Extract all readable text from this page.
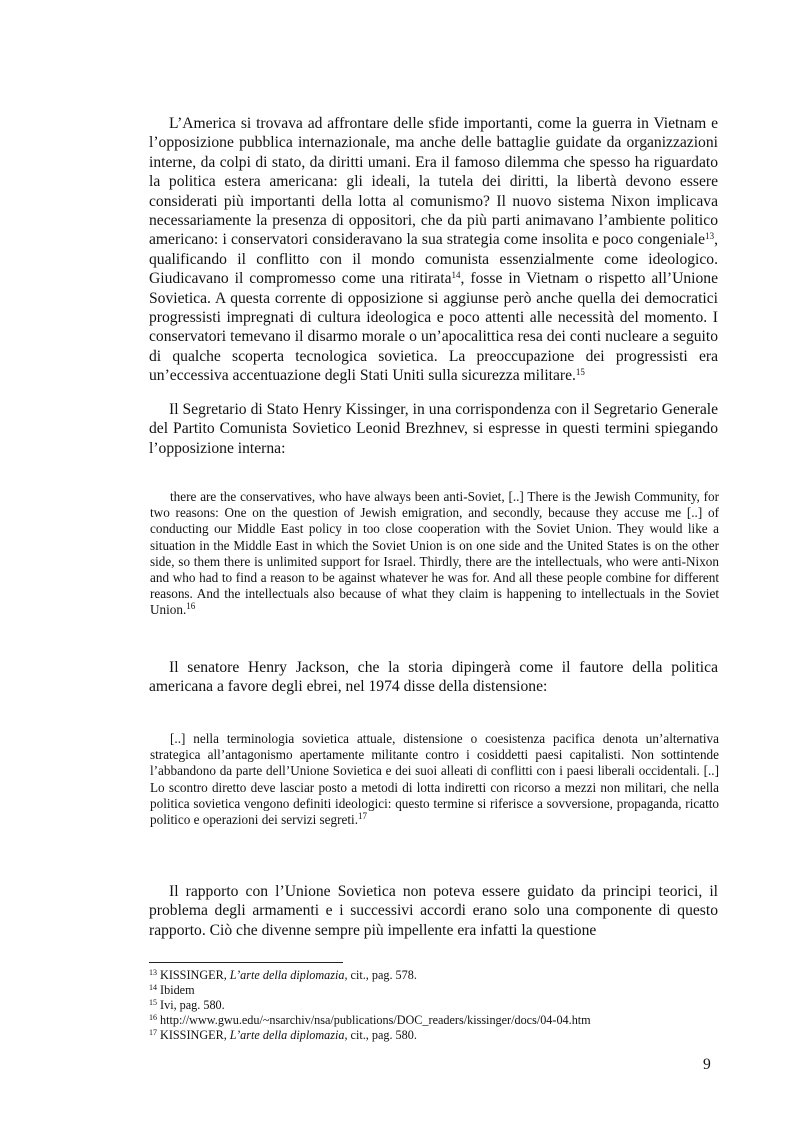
L’America si trovava ad affrontare delle sfide importanti, come la guerra in Vietnam e l’opposizione pubblica internazionale, ma anche delle battaglie guidate da organizzazioni interne, da colpi di stato, da diritti umani. Era il famoso dilemma che spesso ha riguardato la politica estera americana: gli ideali, la tutela dei diritti, la libertà devono essere considerati più importanti della lotta al comunismo? Il nuovo sistema Nixon implicava necessariamente la presenza di oppositori, che da più parti animavano l’ambiente politico americano: i conservatori consideravano la sua strategia come insolita e poco congeniale$^{13}$, qualificando il conflitto con il mondo comunista essenzialmente come ideologico. Giudicavano il compromesso come una ritirata$^{14}$, fosse in Vietnam o rispetto all’Unione Sovietica. A questa corrente di opposizione si aggiunse però anche quella dei democratici progressisti impregnati di cultura ideologica e poco attenti alle necessità del momento. I conservatori temevano il disarmo morale o un’apocalittica resa dei conti nucleare a seguito di qualche scoperta tecnologica sovietica. La preoccupazione dei progressisti era un’eccessiva accentuazione degli Stati Uniti sulla sicurezza militare.$^{15}$

Il Segretario di Stato Henry Kissinger, in una corrispondenza con il Segretario Generale del Partito Comunista Sovietico Leonid Brezhnev, si espresse in questi termini spiegando l’opposizione interna:

there are the conservatives, who have always been anti-Soviet, [..] There is the Jewish Community, for two reasons: One on the question of Jewish emigration, and secondly, because they accuse me [..] of conducting our Middle East policy in too close cooperation with the Soviet Union. They would like a situation in the Middle East in which the Soviet Union is on one side and the United States is on the other side, so them there is unlimited support for Israel. Thirdly, there are the intellectuals, who were anti-Nixon and who had to find a reason to be against whatever he was for. And all these people combine for different reasons. And the intellectuals also because of what they claim is happening to intellectuals in the Soviet Union.$^{16}$

Il senatore Henry Jackson, che la storia dipingerà come il fautore della politica americana a favore degli ebrei, nel 1974 disse della distensione:

[..] nella terminologia sovietica attuale, distensione o coesistenza pacifica denota un’alternativa strategica all’antagonismo apertamente militante contro i cosiddetti paesi capitalisti. Non sottintende l’abbandono da parte dell’Unione Sovietica e dei suoi alleati di conflitti con i paesi liberali occidentali. [..] Lo scontro diretto deve lasciar posto a metodi di lotta indiretti con ricorso a mezzi non militari, che nella politica sovietica vengono definiti ideologici: questo termine si riferisce a sovversione, propaganda, ricatto politico e operazioni dei servizi segreti.$^{17}$

Il rapporto con l’Unione Sovietica non poteva essere guidato da principi teorici, il problema degli armamenti e i successivi accordi erano solo una componente di questo rapporto. Ciò che divenne sempre più impellente era infatti la questione

$^{13}$ KISSINGER, L’arte della diplomazia, cit., pag. 578.
$^{14}$ Ibidem
$^{15}$ Ivi, pag. 580.
$^{16}$ http://www.gwu.edu/~nsarchiv/nsa/publications/DOC_readers/kissinger/docs/04-04.htm
$^{17}$ KISSINGER, L’arte della diplomazia, cit., pag. 580.
9
